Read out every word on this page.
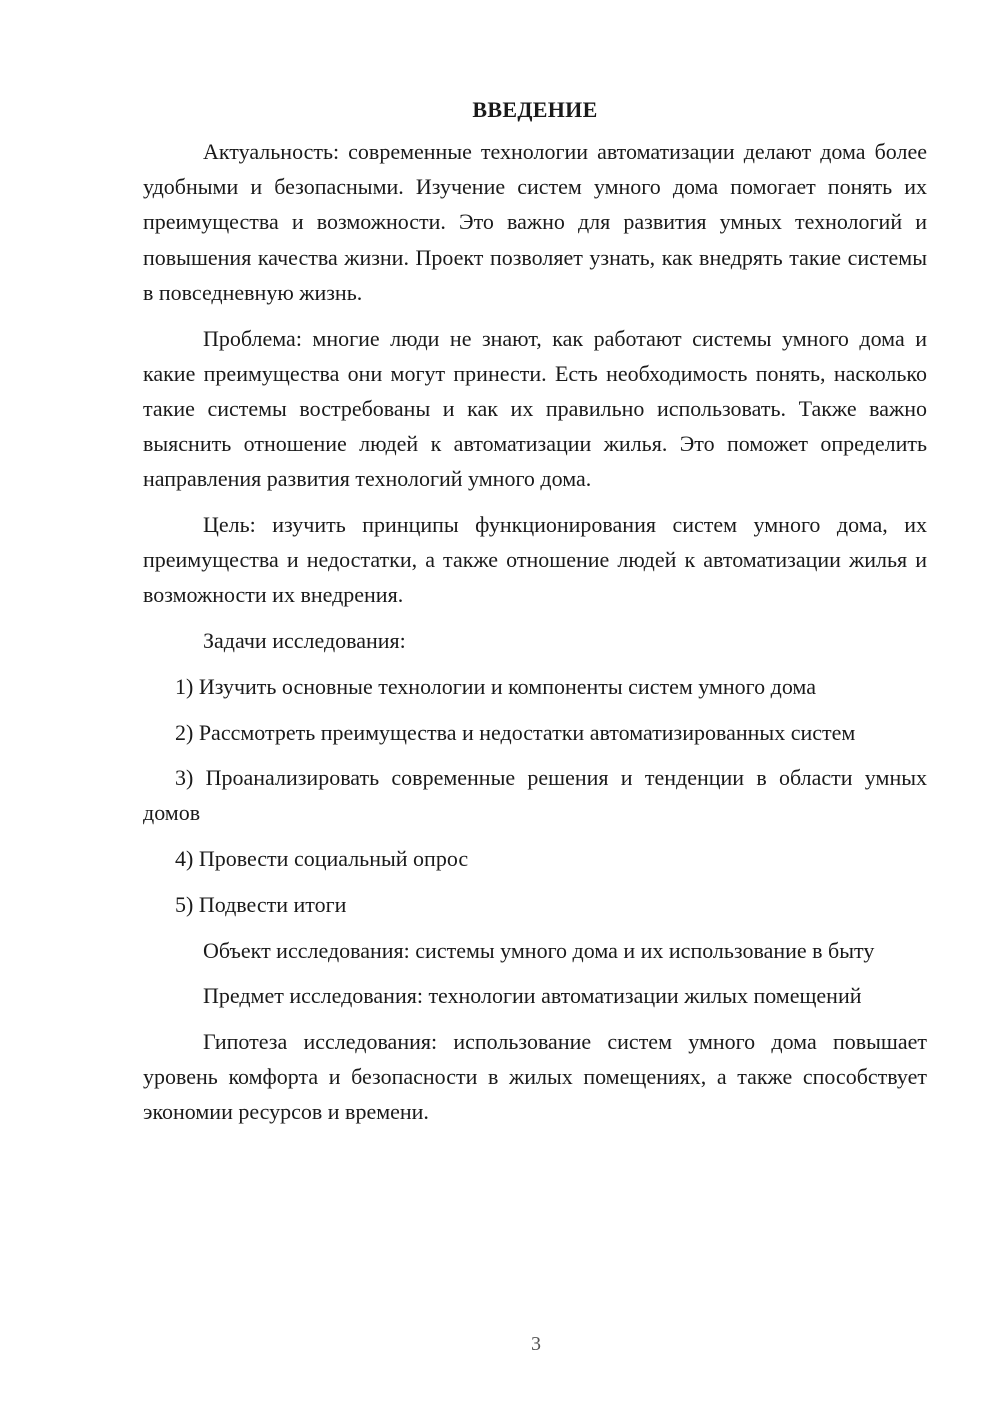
ВВЕДЕНИЕ

Актуальность: современные технологии автоматизации делают дома более удобными и безопасными. Изучение систем умного дома помогает понять их преимущества и возможности. Это важно для развития умных технологий и повышения качества жизни. Проект позволяет узнать, как внедрять такие системы в повседневную жизнь.

Проблема: многие люди не знают, как работают системы умного дома и какие преимущества они могут принести. Есть необходимость понять, насколько такие системы востребованы и как их правильно использовать. Также важно выяснить отношение людей к автоматизации жилья. Это поможет определить направления развития технологий умного дома.

Цель: изучить принципы функционирования систем умного дома, их преимущества и недостатки, а также отношение людей к автоматизации жилья и возможности их внедрения.

Задачи исследования:

1) Изучить основные технологии и компоненты систем умного дома

2) Рассмотреть преимущества и недостатки автоматизированных систем

3) Проанализировать современные решения и тенденции в области умных домов

4) Провести социальный опрос

5) Подвести итоги

Объект исследования: системы умного дома и их использование в быту

Предмет исследования: технологии автоматизации жилых помещений

Гипотеза исследования: использование систем умного дома повышает уровень комфорта и безопасности в жилых помещениях, а также способствует экономии ресурсов и времени.

3
